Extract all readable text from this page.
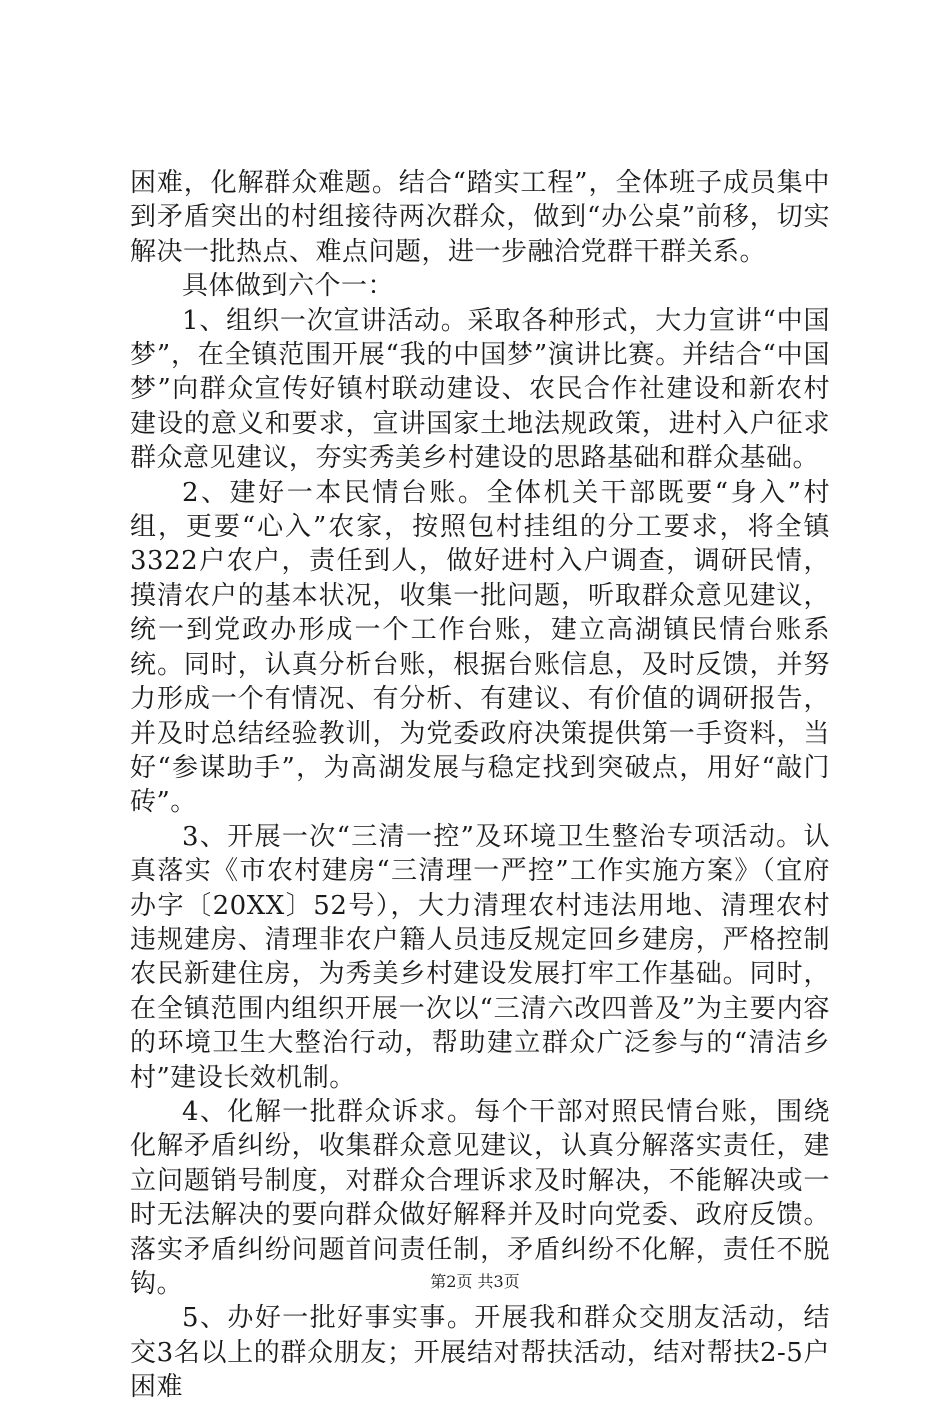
困难，化解群众难题。结合“踏实工程”，全体班子成员集中到矛盾突出的村组接待两次群众，做到“办公桌”前移，切实解决一批热点、难点问题，进一步融洽党群干群关系。

具体做到六个一：

1、组织一次宣讲活动。采取各种形式，大力宣讲“中国梦”，在全镇范围开展“我的中国梦”演讲比赛。并结合“中国梦”向群众宣传好镇村联动建设、农民合作社建设和新农村建设的意义和要求，宣讲国家土地法规政策，进村入户征求群众意见建议，夯实秀美乡村建设的思路基础和群众基础。

2、建好一本民情台账。全体机关干部既要“身入”村组，更要“心入”农家，按照包村挂组的分工要求，将全镇3322户农户，责任到人，做好进村入户调查，调研民情，摸清农户的基本状况，收集一批问题，听取群众意见建议，统一到党政办形成一个工作台账，建立高湖镇民情台账系统。同时，认真分析台账，根据台账信息，及时反馈，并努力形成一个有情况、有分析、有建议、有价值的调研报告，并及时总结经验教训，为党委政府决策提供第一手资料，当好“参谋助手”，为高湖发展与稳定找到突破点，用好“敲门砖”。

3、开展一次“三清一控”及环境卫生整治专项活动。认真落实《市农村建房“三清理一严控”工作实施方案》（宜府办字〔20XX〕52号），大力清理农村违法用地、清理农村违规建房、清理非农户籍人员违反规定回乡建房，严格控制农民新建住房，为秀美乡村建设发展打牢工作基础。同时，在全镇范围内组织开展一次以“三清六改四普及”为主要内容的环境卫生大整治行动，帮助建立群众广泛参与的“清洁乡村”建设长效机制。

4、化解一批群众诉求。每个干部对照民情台账，围绕化解矛盾纠纷，收集群众意见建议，认真分解落实责任，建立问题销号制度，对群众合理诉求及时解决，不能解决或一时无法解决的要向群众做好解释并及时向党委、政府反馈。落实矛盾纠纷问题首问责任制，矛盾纠纷不化解，责任不脱钩。

5、办好一批好事实事。开展我和群众交朋友活动，结交3名以上的群众朋友；开展结对帮扶活动，结对帮扶2-5户困难

第2页 共3页
